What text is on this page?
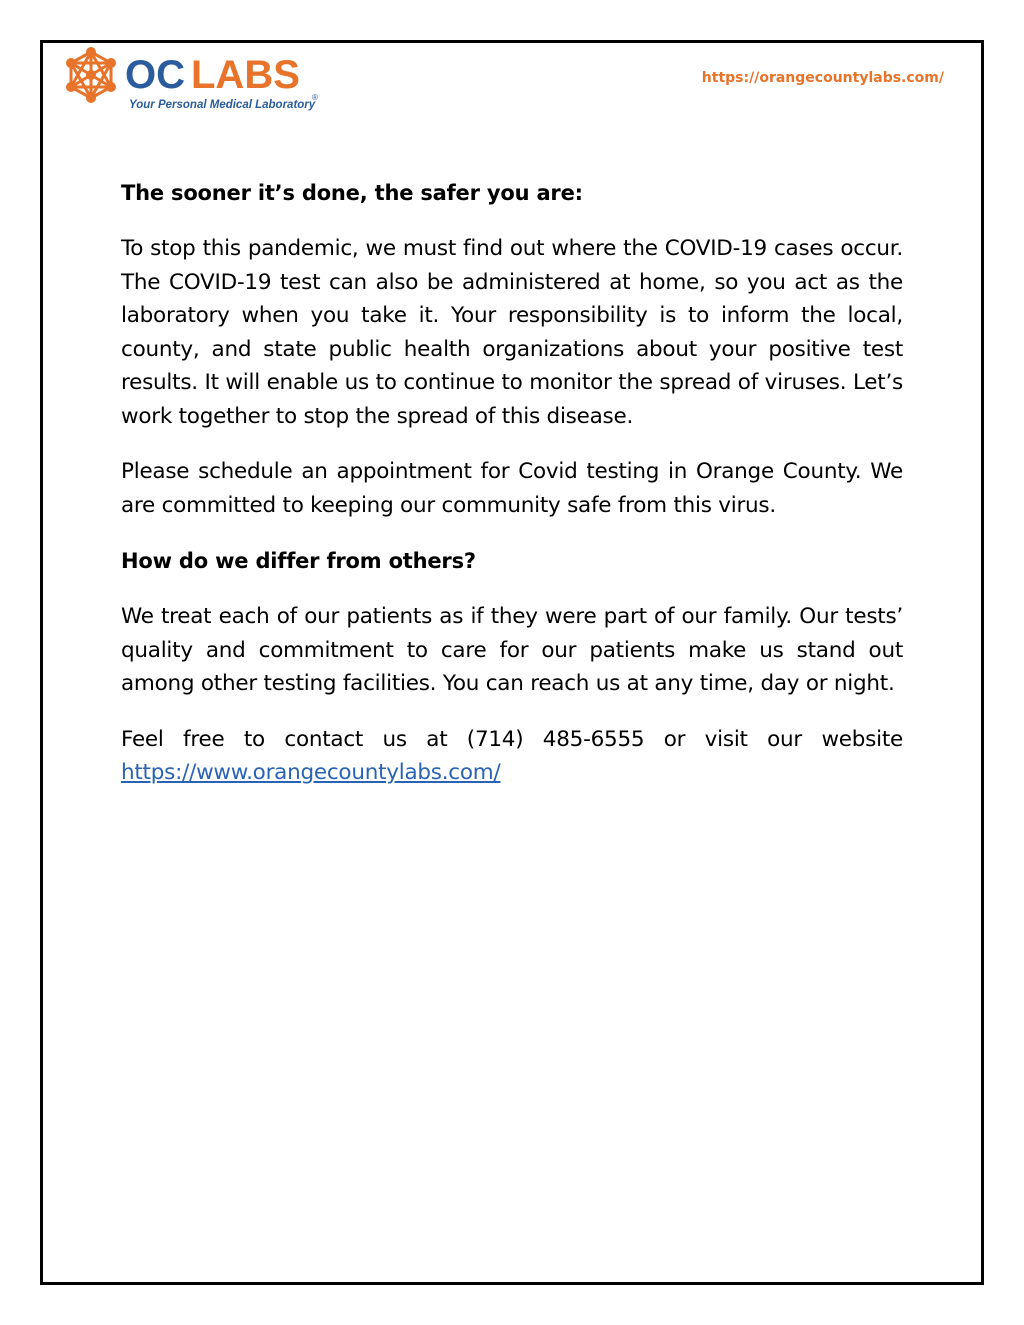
OC LABS
Your Personal Medical Laboratory
®
https://orangecountylabs.com/
The sooner it’s done, the safer you are:

To stop this pandemic, we must find out where the COVID-19 cases occur. The COVID-19 test can also be administered at home, so you act as the laboratory when you take it. Your responsibility is to inform the local, county, and state public health organizations about your positive test results. It will enable us to continue to monitor the spread of viruses. Let’s work together to stop the spread of this disease.

Please schedule an appointment for Covid testing in Orange County. We are committed to keeping our community safe from this virus.

How do we differ from others?

We treat each of our patients as if they were part of our family. Our tests’ quality and commitment to care for our patients make us stand out among other testing facilities. You can reach us at any time, day or night.

Feel free to contact us at (714) 485-6555 or visit our website https://www.orangecountylabs.com/
